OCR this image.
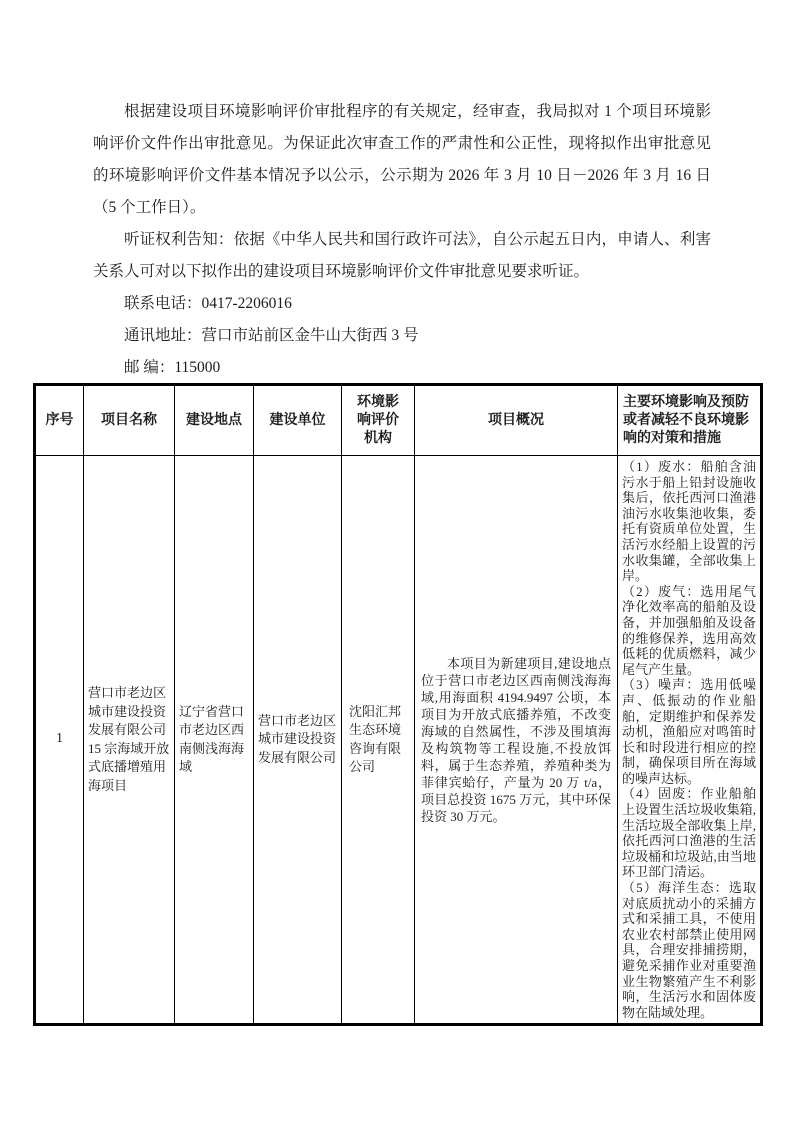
根据建设项目环境影响评价审批程序的有关规定，经审查，我局拟对 1 个项目环境影响评价文件作出审批意见。为保证此次审查工作的严肃性和公正性，现将拟作出审批意见的环境影响评价文件基本情况予以公示，公示期为 2026 年 3 月 10 日－2026 年 3 月 16 日（5 个工作日）。

听证权利告知：依据《中华人民共和国行政许可法》，自公示起五日内，申请人、利害关系人可对以下拟作出的建设项目环境影响评价文件审批意见要求听证。

联系电话：0417-2206016

通讯地址：营口市站前区金牛山大街西 3 号

邮 编：115000

序号	项目名称	建设地点	建设单位	环境影响评价机构	项目概况	主要环境影响及预防或者减轻不良环境影响的对策和措施
1	营口市老边区城市建设投资发展有限公司15 宗海域开放式底播增殖用海项目	辽宁省营口市老边区西南侧浅海海域	营口市老边区城市建设投资发展有限公司	沈阳汇邦生态环境咨询有限公司	本项目为新建项目,建设地点位于营口市老边区西南侧浅海海域,用海面积 4194.9497 公顷，本项目为开放式底播养殖，不改变海域的自然属性，不涉及围填海及构筑物等工程设施,不投放饵料，属于生态养殖，养殖种类为菲律宾蛤仔，产量为 20 万 t/a，项目总投资 1675 万元，其中环保投资 30 万元。	（1）废水：船舶含油污水于船上铅封设施收集后，依托西河口渔港油污水收集池收集，委托有资质单位处置，生活污水经船上设置的污水收集罐，全部收集上岸。

（2）废气：选用尾气净化效率高的船舶及设备，并加强船舶及设备的维修保养，选用高效低耗的优质燃料，减少尾气产生量。

（3）噪声：选用低噪声、低振动的作业船舶，定期维护和保养发动机，渔船应对鸣笛时长和时段进行相应的控制，确保项目所在海域的噪声达标。

（4）固废：作业船舶上设置生活垃圾收集箱,生活垃圾全部收集上岸,依托西河口渔港的生活垃圾桶和垃圾站,由当地环卫部门清运。

（5）海洋生态：选取对底质扰动小的采捕方式和采捕工具，不使用农业农村部禁止使用网具，合理安排捕捞期，避免采捕作业对重要渔业生物繁殖产生不利影响，生活污水和固体废物在陆域处理。
